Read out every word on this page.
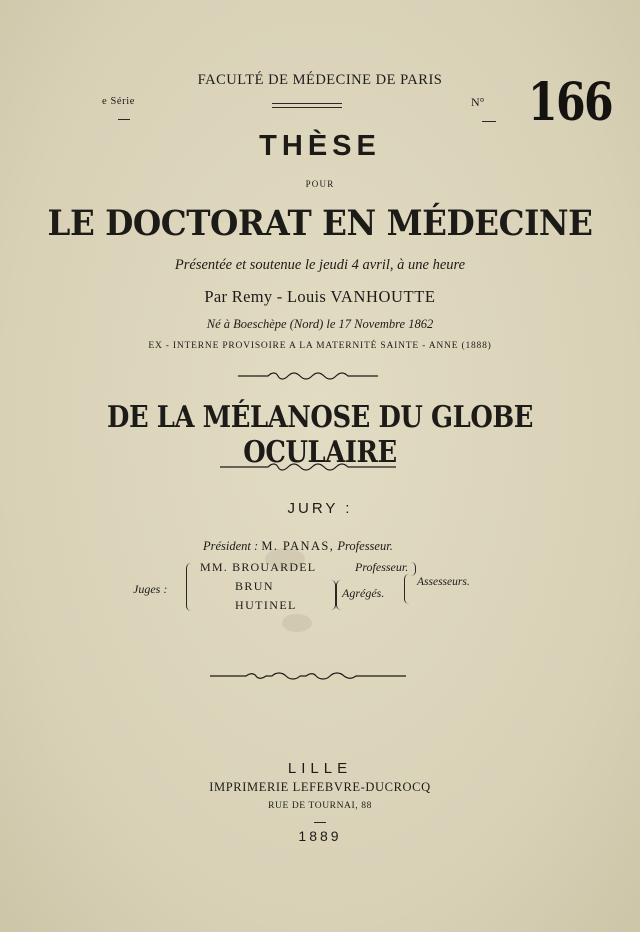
FACULTÉ DE MÉDECINE DE PARIS
e Série	N° 166
THÈSE
POUR
LE DOCTORAT EN MÉDECINE
Présentée et soutenue le jeudi 4 avril, à une heure
Par Remy - Louis VANHOUTTE
Né à Boeschèpe (Nord) le 17 Novembre 1862
EX - INTERNE PROVISOIRE A LA MATERNITÉ SAINTE - ANNE (1888)
DE LA MÉLANOSE DU GLOBE OCULAIRE
JURY :
Président : M. PANAS, Professeur.
Juges :
MM. BROUARDEL	Professeur.
BRUN
HUTINEL
Agrégés.
Assesseurs.
LILLE
IMPRIMERIE LEFEBVRE-DUCROCQ
RUE DE TOURNAI, 88
1889
